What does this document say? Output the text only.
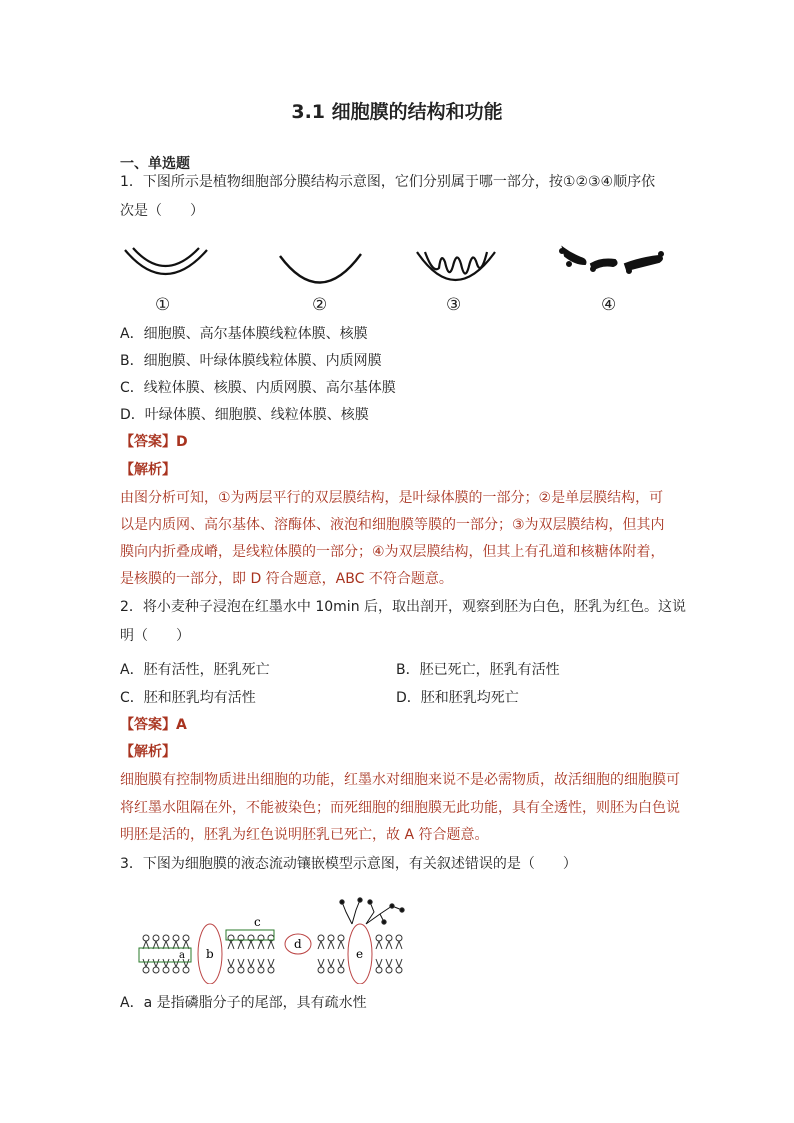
3.1 细胞膜的结构和功能
一、单选题
1．下图所示是植物细胞部分膜结构示意图，它们分别属于哪一部分，按①②③④顺序依
次是（　　）
①	②	③	④
A．细胞膜、高尔基体膜线粒体膜、核膜
B．细胞膜、叶绿体膜线粒体膜、内质网膜
C．线粒体膜、核膜、内质网膜、高尔基体膜
D．叶绿体膜、细胞膜、线粒体膜、核膜
【答案】D
【解析】
由图分析可知，①为两层平行的双层膜结构，是叶绿体膜的一部分；②是单层膜结构，可
以是内质网、高尔基体、溶酶体、液泡和细胞膜等膜的一部分；③为双层膜结构，但其内
膜向内折叠成嵴，是线粒体膜的一部分；④为双层膜结构，但其上有孔道和核糖体附着，
是核膜的一部分，即 D 符合题意，ABC 不符合题意。
2．将小麦种子浸泡在红墨水中 10min 后，取出剖开，观察到胚为白色，胚乳为红色。这说
明（　　）
A．胚有活性，胚乳死亡	B．胚已死亡，胚乳有活性
C．胚和胚乳均有活性	D．胚和胚乳均死亡
【答案】A
【解析】
细胞膜有控制物质进出细胞的功能，红墨水对细胞来说不是必需物质，故活细胞的细胞膜可
将红墨水阻隔在外，不能被染色；而死细胞的细胞膜无此功能，具有全透性，则胚为白色说
明胚是活的，胚乳为红色说明胚乳已死亡，故 A 符合题意。
3．下图为细胞膜的液态流动镶嵌模型示意图，有关叙述错误的是（　　）
a b
c
d
e
A．a 是指磷脂分子的尾部，具有疏水性
